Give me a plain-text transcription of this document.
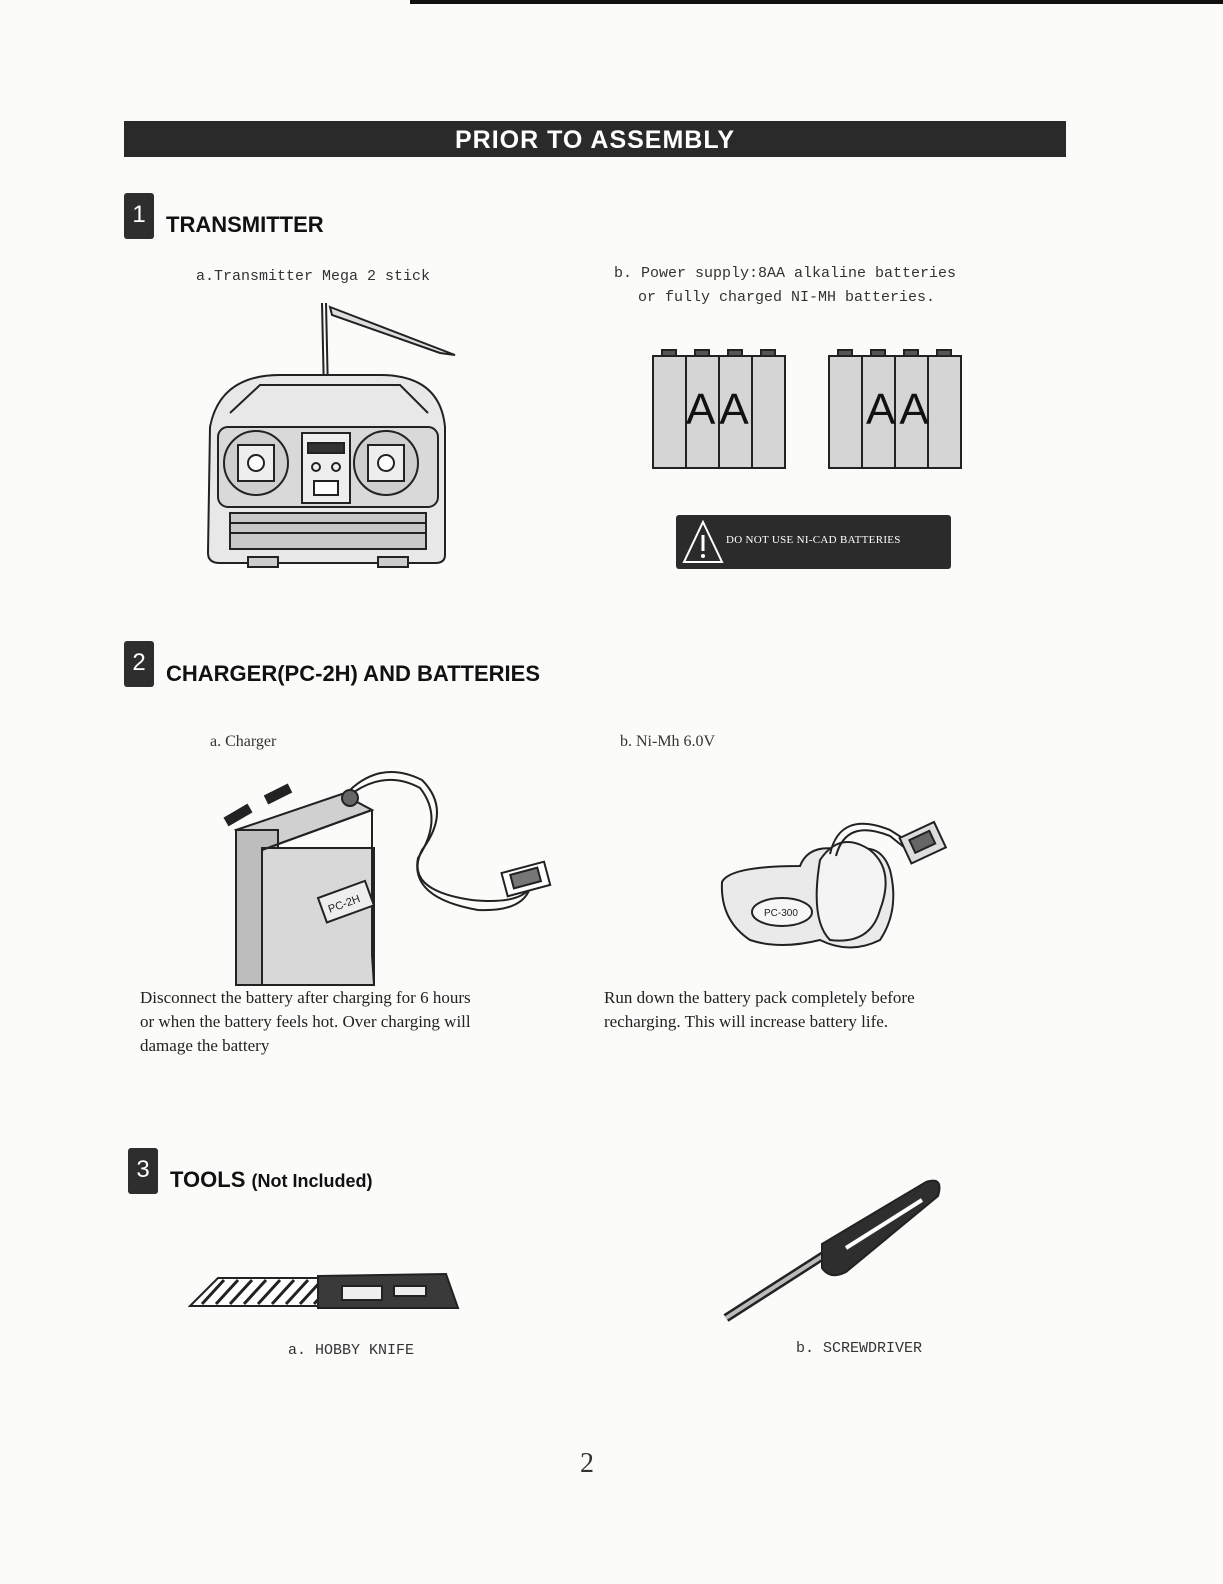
PRIOR TO ASSEMBLY
1 TRANSMITTER
a.Transmitter Mega 2 stick	b. Power supply:8AA alkaline batteries
or fully charged NI-MH batteries.
AA	AA
DO NOT USE NI-CAD BATTERIES
2 CHARGER(PC-2H) AND BATTERIES
a. Charger	b. Ni-Mh 6.0V
PC-2H	PC-300
Disconnect the battery after charging for 6 hours
or when the battery feels hot. Over charging will
damage the battery
Run down the battery pack completely before
recharging. This will increase battery life.
3 TOOLS (Not Included)
a. HOBBY KNIFE	b. SCREWDRIVER
2
